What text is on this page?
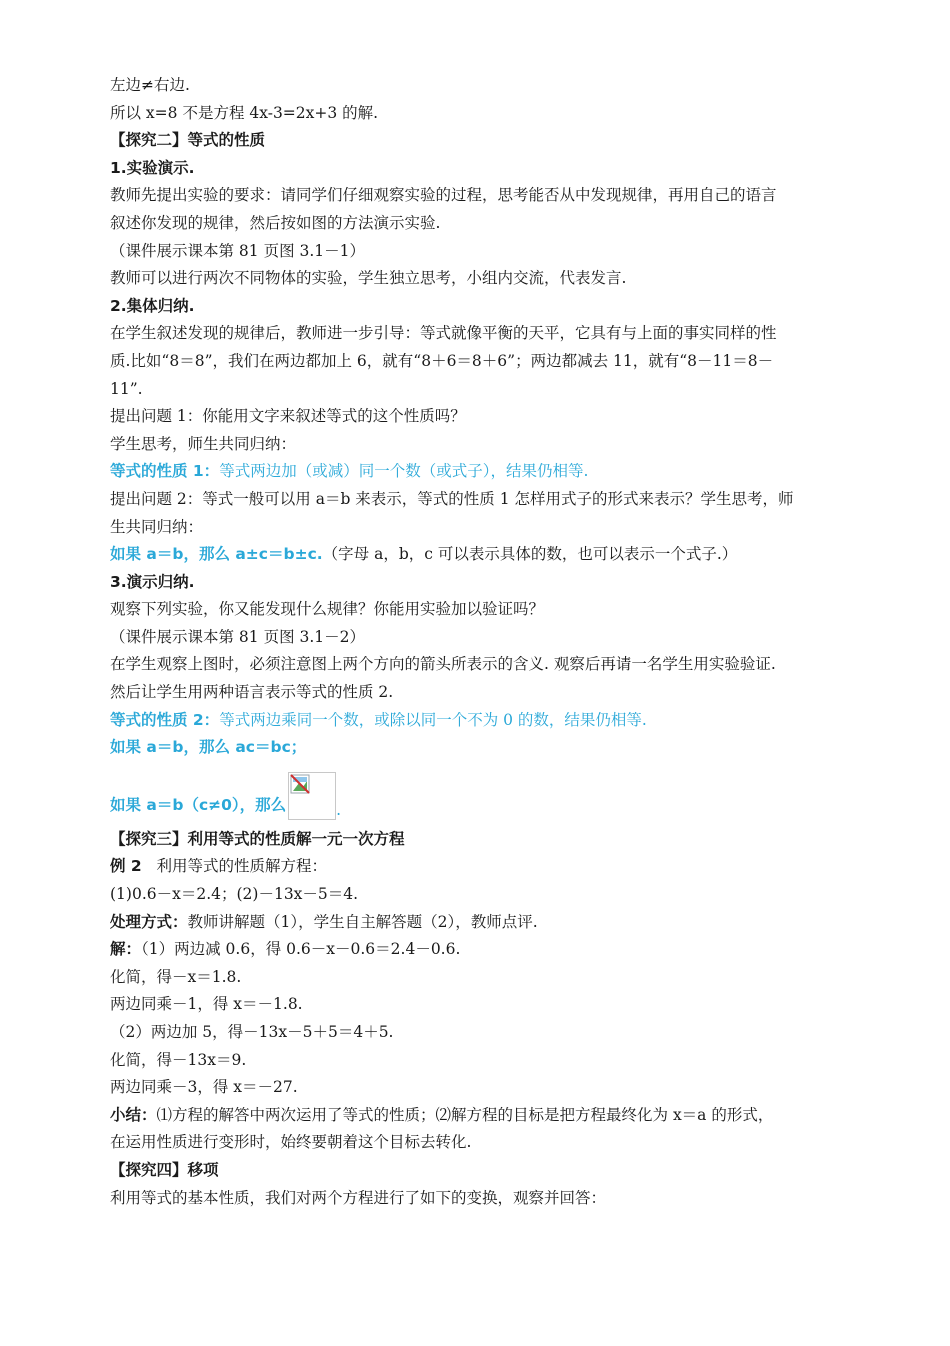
左边≠右边.
所以 x=8 不是方程 4x-3=2x+3 的解.
【探究二】等式的性质
1.实验演示.
教师先提出实验的要求：请同学们仔细观察实验的过程，思考能否从中发现规律，再用自己的语言
叙述你发现的规律，然后按如图的方法演示实验.
（课件展示课本第 81 页图 3.1－1）
教师可以进行两次不同物体的实验，学生独立思考，小组内交流，代表发言.
2.集体归纳.
在学生叙述发现的规律后，教师进一步引导：等式就像平衡的天平，它具有与上面的事实同样的性
质.比如“8＝8”，我们在两边都加上 6，就有“8＋6＝8＋6”；两边都减去 11，就有“8－11＝8－
11”.
提出问题 1：你能用文字来叙述等式的这个性质吗？
学生思考，师生共同归纳：
等式的性质 1：等式两边加（或减）同一个数（或式子），结果仍相等.
提出问题 2：等式一般可以用 a＝b 来表示，等式的性质 1 怎样用式子的形式来表示？学生思考，师
生共同归纳：
如果 a＝b，那么 a±c＝b±c.（字母 a，b，c 可以表示具体的数，也可以表示一个式子.）
3.演示归纳.
观察下列实验，你又能发现什么规律？你能用实验加以验证吗？
（课件展示课本第 81 页图 3.1－2）
在学生观察上图时，必须注意图上两个方向的箭头所表示的含义. 观察后再请一名学生用实验验证.
然后让学生用两种语言表示等式的性质 2.
等式的性质 2：等式两边乘同一个数，或除以同一个不为 0 的数，结果仍相等.
如果 a＝b，那么 ac＝bc；
如果 a＝b（c≠0），那么	.
【探究三】利用等式的性质解一元一次方程
例 2 利用等式的性质解方程：
(1)0.6－x＝2.4；(2)－13x－5＝4.
处理方式：教师讲解题（1），学生自主解答题（2），教师点评.
解：（1）两边减 0.6，得 0.6－x－0.6＝2.4－0.6.
化简，得－x＝1.8.
两边同乘－1，得 x＝－1.8.
（2）两边加 5，得－13x－5＋5＝4＋5.
化简，得－13x＝9.
两边同乘－3，得 x＝－27.
小结：⑴方程的解答中两次运用了等式的性质；⑵解方程的目标是把方程最终化为 x＝a 的形式，
在运用性质进行变形时，始终要朝着这个目标去转化.
【探究四】移项
利用等式的基本性质，我们对两个方程进行了如下的变换，观察并回答：
